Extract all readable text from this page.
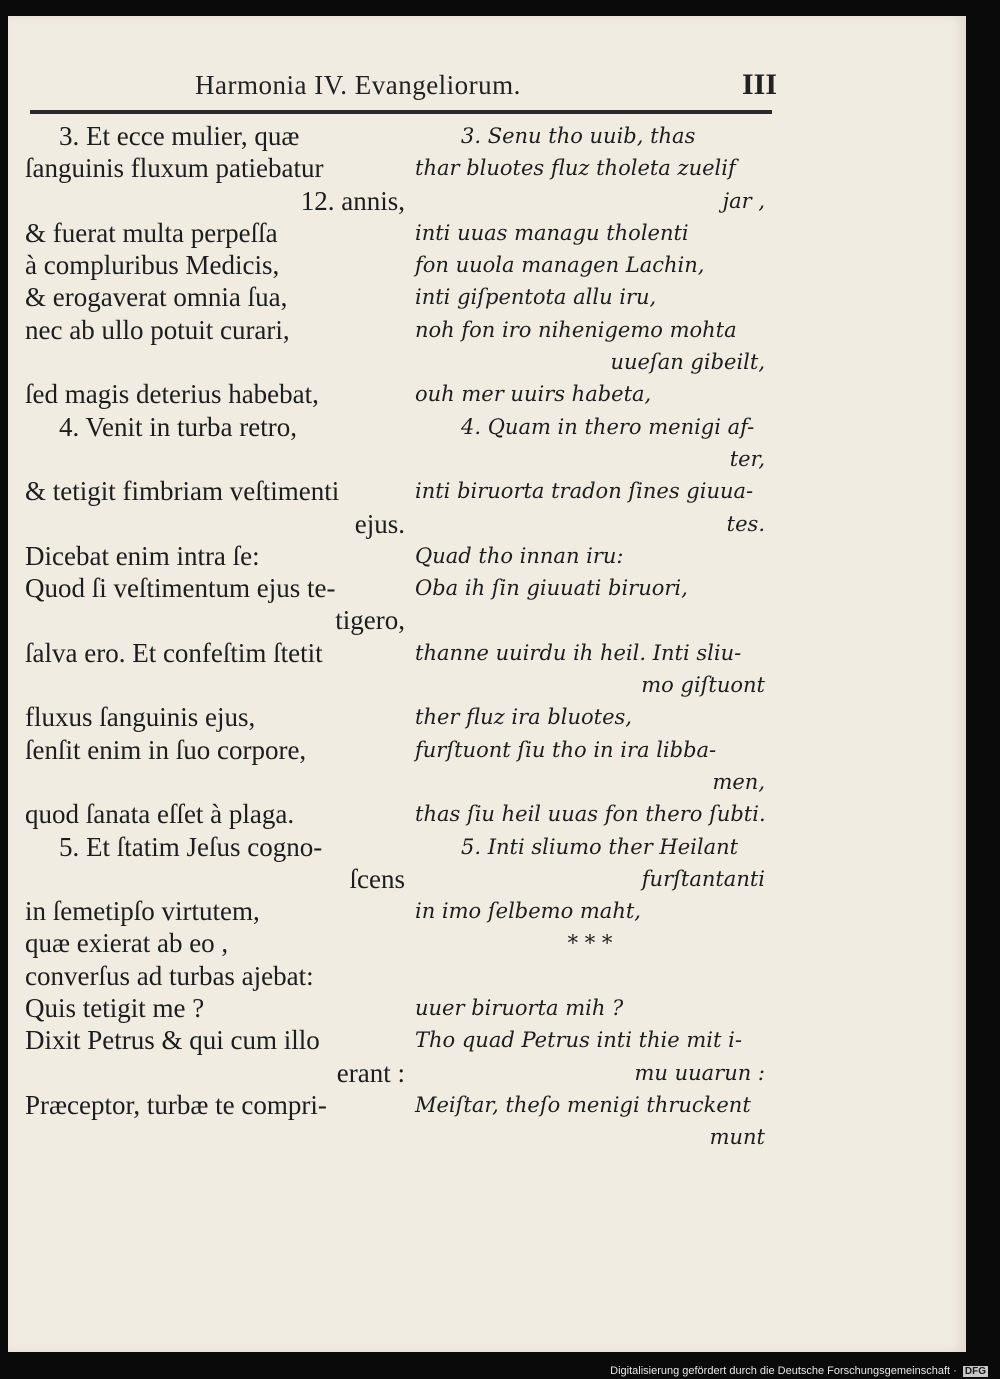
Harmonia IV. Evangeliorum.	III
3. Et ecce mulier, quæ
ſanguinis fluxum patiebatur
12. annis,
& fuerat multa perpeſſa
à compluribus Medicis,
& erogaverat omnia ſua,
nec ab ullo potuit curari,
ſed magis deterius habebat,
4. Venit in turba retro,
& tetigit fimbriam veſtimenti
ejus.
Dicebat enim intra ſe:
Quod ſi veſtimentum ejus te-
tigero,
ſalva ero. Et confeſtim ſtetit
fluxus ſanguinis ejus,
ſenſit enim in ſuo corpore,
quod ſanata eſſet à plaga.
5. Et ſtatim Jeſus cogno-
ſcens
in ſemetipſo virtutem,
quæ exierat ab eo ,
converſus ad turbas ajebat:
Quis tetigit me ?
Dixit Petrus & qui cum illo
erant :
Præceptor, turbæ te compri-
3. Senu tho uuib, thas
thar bluotes fluz tholeta zuelif
jar ,
inti uuas managu tholenti
fon uuola managen Lachin,
inti giſpentota allu iru,
noh fon iro nihenigemo mohta
uueſan gibeilt,
ouh mer uuirs habeta,
4. Quam in thero menigi af-
ter,
inti biruorta tradon ſines giuua-
tes.
Quad tho innan iru:
Oba ih ſin giuuati biruori,
thanne uuirdu ih heil. Inti sliu-
mo giſtuont
ther fluz ira bluotes,
furſtuont ſiu tho in ira libba-
men,
thas ſiu heil uuas fon thero ſubti.
5. Inti sliumo ther Heilant
furſtantanti
in imo ſelbemo maht,
* * *
uuer biruorta mih ?
Tho quad Petrus inti thie mit i-
mu uuarun :
Meiſtar, theſo menigi thruckent
munt
Digitalisierung gefördert durch die Deutsche Forschungsgemeinschaft · DFG
